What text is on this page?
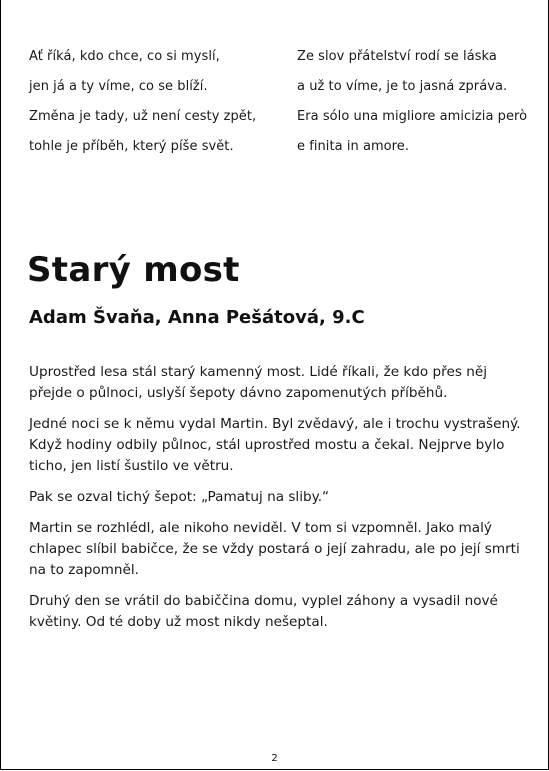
Ať říká, kdo chce, co si myslí,
jen já a ty víme, co se blíží.
Změna je tady, už není cesty zpět,
tohle je příběh, který píše svět.
Ze slov přátelství rodí se láska
a už to víme, je to jasná zpráva.
Era sólo una migliore amicizia però
e finita in amore.
Starý most
Adam Švaňa, Anna Pešátová, 9.C

Uprostřed lesa stál starý kamenný most. Lidé říkali, že kdo přes něj přejde o půlnoci, uslyší šepoty dávno zapomenutých příběhů.

Jedné noci se k němu vydal Martin. Byl zvědavý, ale i trochu vystrašený. Když hodiny odbily půlnoc, stál uprostřed mostu a čekal. Nejprve bylo ticho, jen listí šustilo ve větru.

Pak se ozval tichý šepot: „Pamatuj na sliby.“

Martin se rozhlédl, ale nikoho neviděl. V tom si vzpomněl. Jako malý chlapec slíbil babičce, že se vždy postará o její zahradu, ale po její smrti na to zapomněl.

Druhý den se vrátil do babiččina domu, vyplel záhony a vysadil nové květiny. Od té doby už most nikdy nešeptal.

2
